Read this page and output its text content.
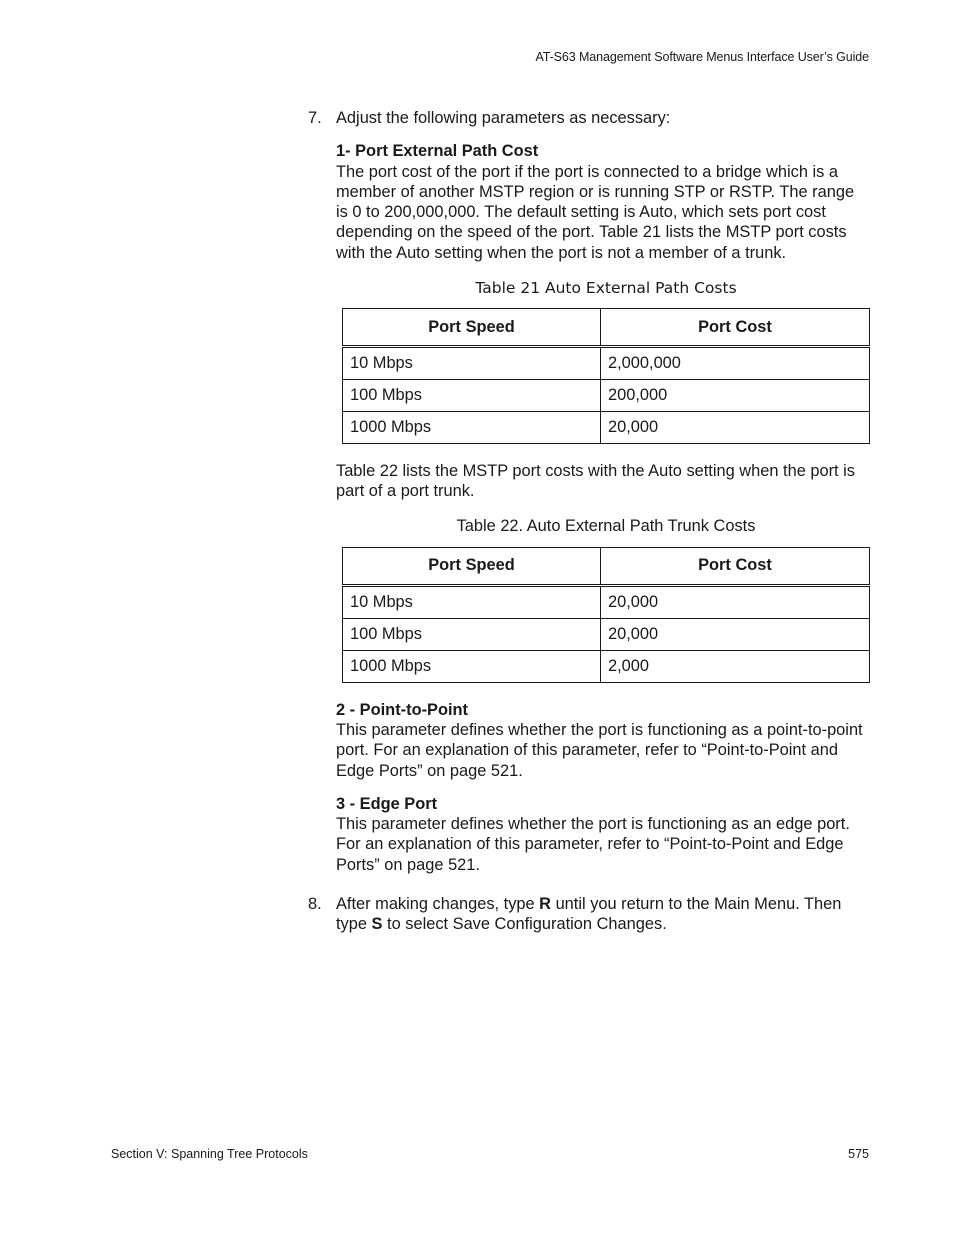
AT-S63 Management Software Menus Interface User’s Guide
7. Adjust the following parameters as necessary:
1- Port External Path Cost
The port cost of the port if the port is connected to a bridge which is a member of another MSTP region or is running STP or RSTP. The range is 0 to 200,000,000. The default setting is Auto, which sets port cost depending on the speed of the port. Table 21 lists the MSTP port costs with the Auto setting when the port is not a member of a trunk.
Table 21 Auto External Path Costs
Port Speed	Port Cost
10 Mbps	2,000,000
100 Mbps	200,000
1000 Mbps	20,000
Table 22 lists the MSTP port costs with the Auto setting when the port is part of a port trunk.
Table 22. Auto External Path Trunk Costs
Port Speed	Port Cost
10 Mbps	20,000
100 Mbps	20,000
1000 Mbps	2,000
2 - Point-to-Point
This parameter defines whether the port is functioning as a point-to-point port. For an explanation of this parameter, refer to “Point-to-Point and Edge Ports” on page 521.
3 - Edge Port
This parameter defines whether the port is functioning as an edge port. For an explanation of this parameter, refer to “Point-to-Point and Edge Ports” on page 521.
8. After making changes, type R until you return to the Main Menu. Then type S to select Save Configuration Changes.
Section V: Spanning Tree Protocols	575
